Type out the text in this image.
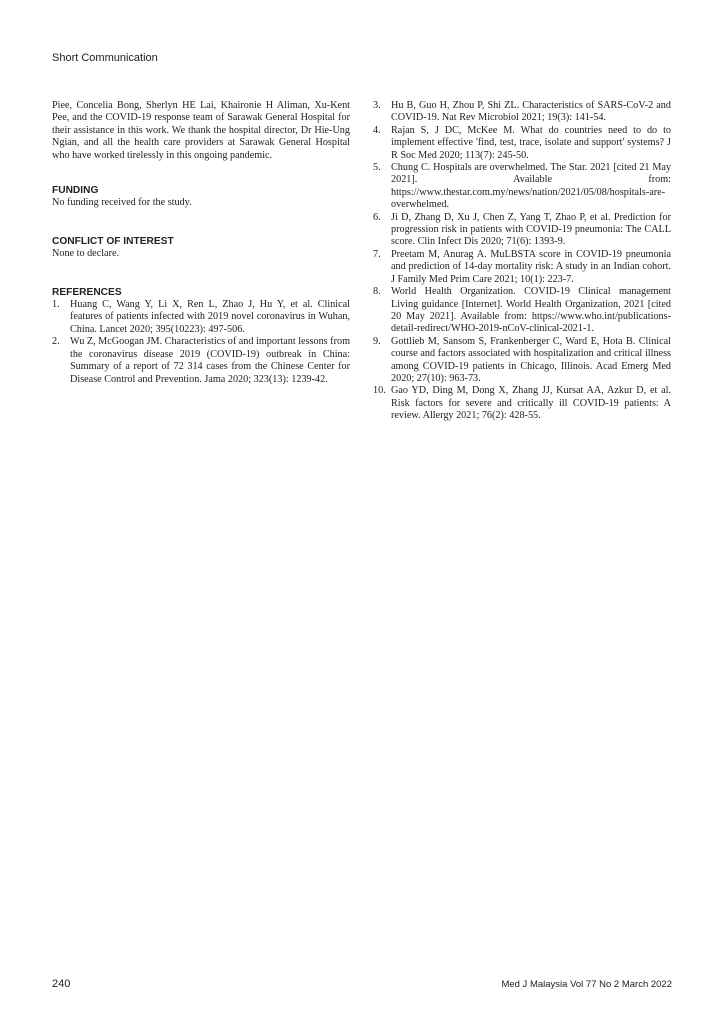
Short Communication

Piee, Concelia Bong, Sherlyn HE Lai, Khaironie H Aliman, Xu-Kent Pee, and the COVID-19 response team of Sarawak General Hospital for their assistance in this work. We thank the hospital director, Dr Hie-Ung Ngian, and all the health care providers at Sarawak General Hospital who have worked tirelessly in this ongoing pandemic.

FUNDING

No funding received for the study.

CONFLICT OF INTEREST

None to declare.

REFERENCES
1. Huang C, Wang Y, Li X, Ren L, Zhao J, Hu Y, et al. Clinical features of patients infected with 2019 novel coronavirus in Wuhan, China. Lancet 2020; 395(10223): 497-506.
2. Wu Z, McGoogan JM. Characteristics of and important lessons from the coronavirus disease 2019 (COVID-19) outbreak in China: Summary of a report of 72 314 cases from the Chinese Center for Disease Control and Prevention. Jama 2020; 323(13): 1239-42.
3. Hu B, Guo H, Zhou P, Shi ZL. Characteristics of SARS-CoV-2 and COVID-19. Nat Rev Microbiol 2021; 19(3): 141-54.
4. Rajan S, J DC, McKee M. What do countries need to do to implement effective 'find, test, trace, isolate and support' systems? J R Soc Med 2020; 113(7): 245-50.
5. Chung C. Hospitals are overwhelmed. The Star. 2021 [cited 21 May 2021]. Available from: https://www.thestar.com.my/news/nation/2021/05/08/hospitals-are-overwhelmed.
6. Ji D, Zhang D, Xu J, Chen Z, Yang T, Zhao P, et al. Prediction for progression risk in patients with COVID-19 pneumonia: The CALL score. Clin Infect Dis 2020; 71(6): 1393-9.
7. Preetam M, Anurag A. MuLBSTA score in COVID-19 pneumonia and prediction of 14-day mortality risk: A study in an Indian cohort. J Family Med Prim Care 2021; 10(1): 223-7.
8. World Health Organization. COVID-19 Clinical management Living guidance [Internet]. World Health Organization, 2021 [cited 20 May 2021]. Available from: https://www.who.int/publications-detail-redirect/WHO-2019-nCoV-clinical-2021-1.
9. Gottlieb M, Sansom S, Frankenberger C, Ward E, Hota B. Clinical course and factors associated with hospitalization and critical illness among COVID-19 patients in Chicago, Illinois. Acad Emerg Med 2020; 27(10): 963-73.
10. Gao YD, Ding M, Dong X, Zhang JJ, Kursat AA, Azkur D, et al. Risk factors for severe and critically ill COVID-19 patients: A review. Allergy 2021; 76(2): 428-55.
240	Med J Malaysia Vol 77 No 2 March 2022
